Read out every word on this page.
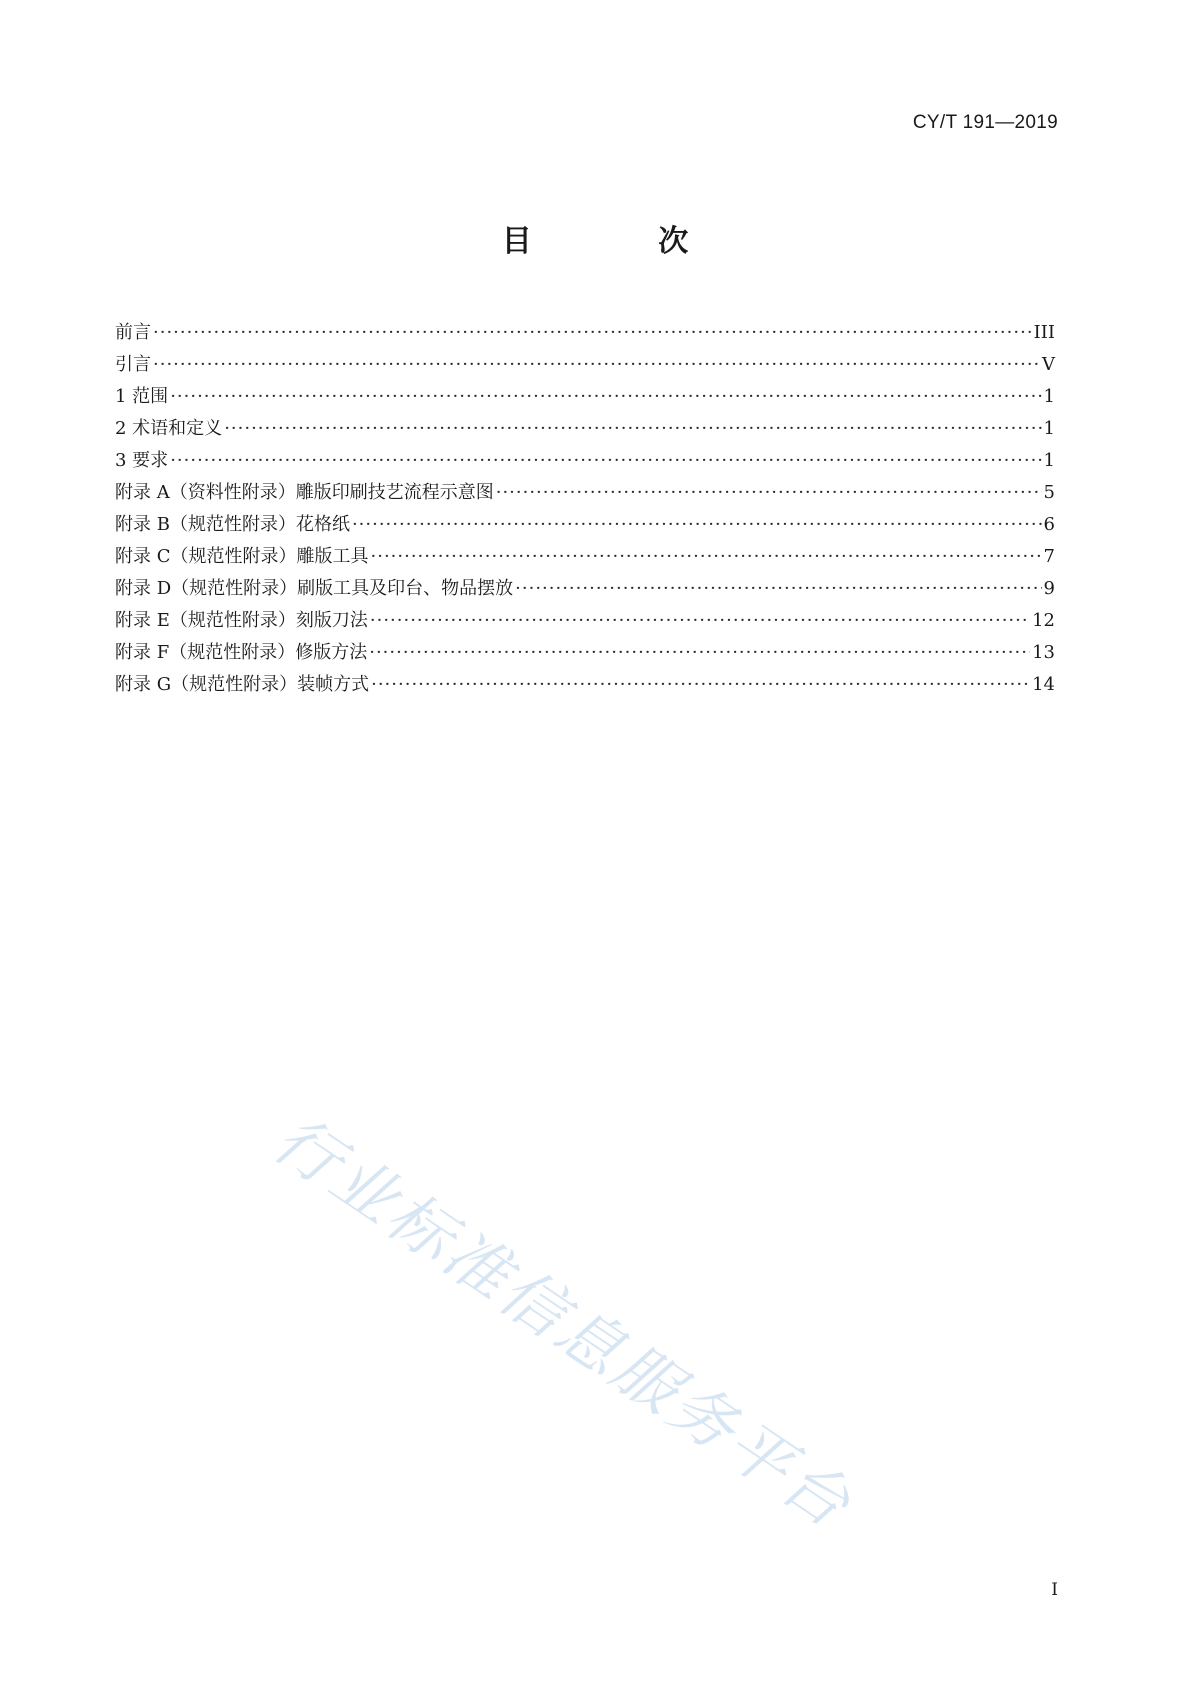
CY/T 191—2019
目 次
前言 ·····	III
引言 ·····	V
1 范围 ·····	1
2 术语和定义 ·····	1
3 要求 ·····	1
附录 A（资料性附录）雕版印刷技艺流程示意图 ·····	5
附录 B（规范性附录）花格纸 ·····	6
附录 C（规范性附录）雕版工具 ·····	7
附录 D（规范性附录）刷版工具及印台、物品摆放 ·····	9
附录 E（规范性附录）刻版刀法 ·····	12
附录 F（规范性附录）修版方法 ·····	13
附录 G（规范性附录）装帧方式 ·····	14
行业标准信息服务平台
I
